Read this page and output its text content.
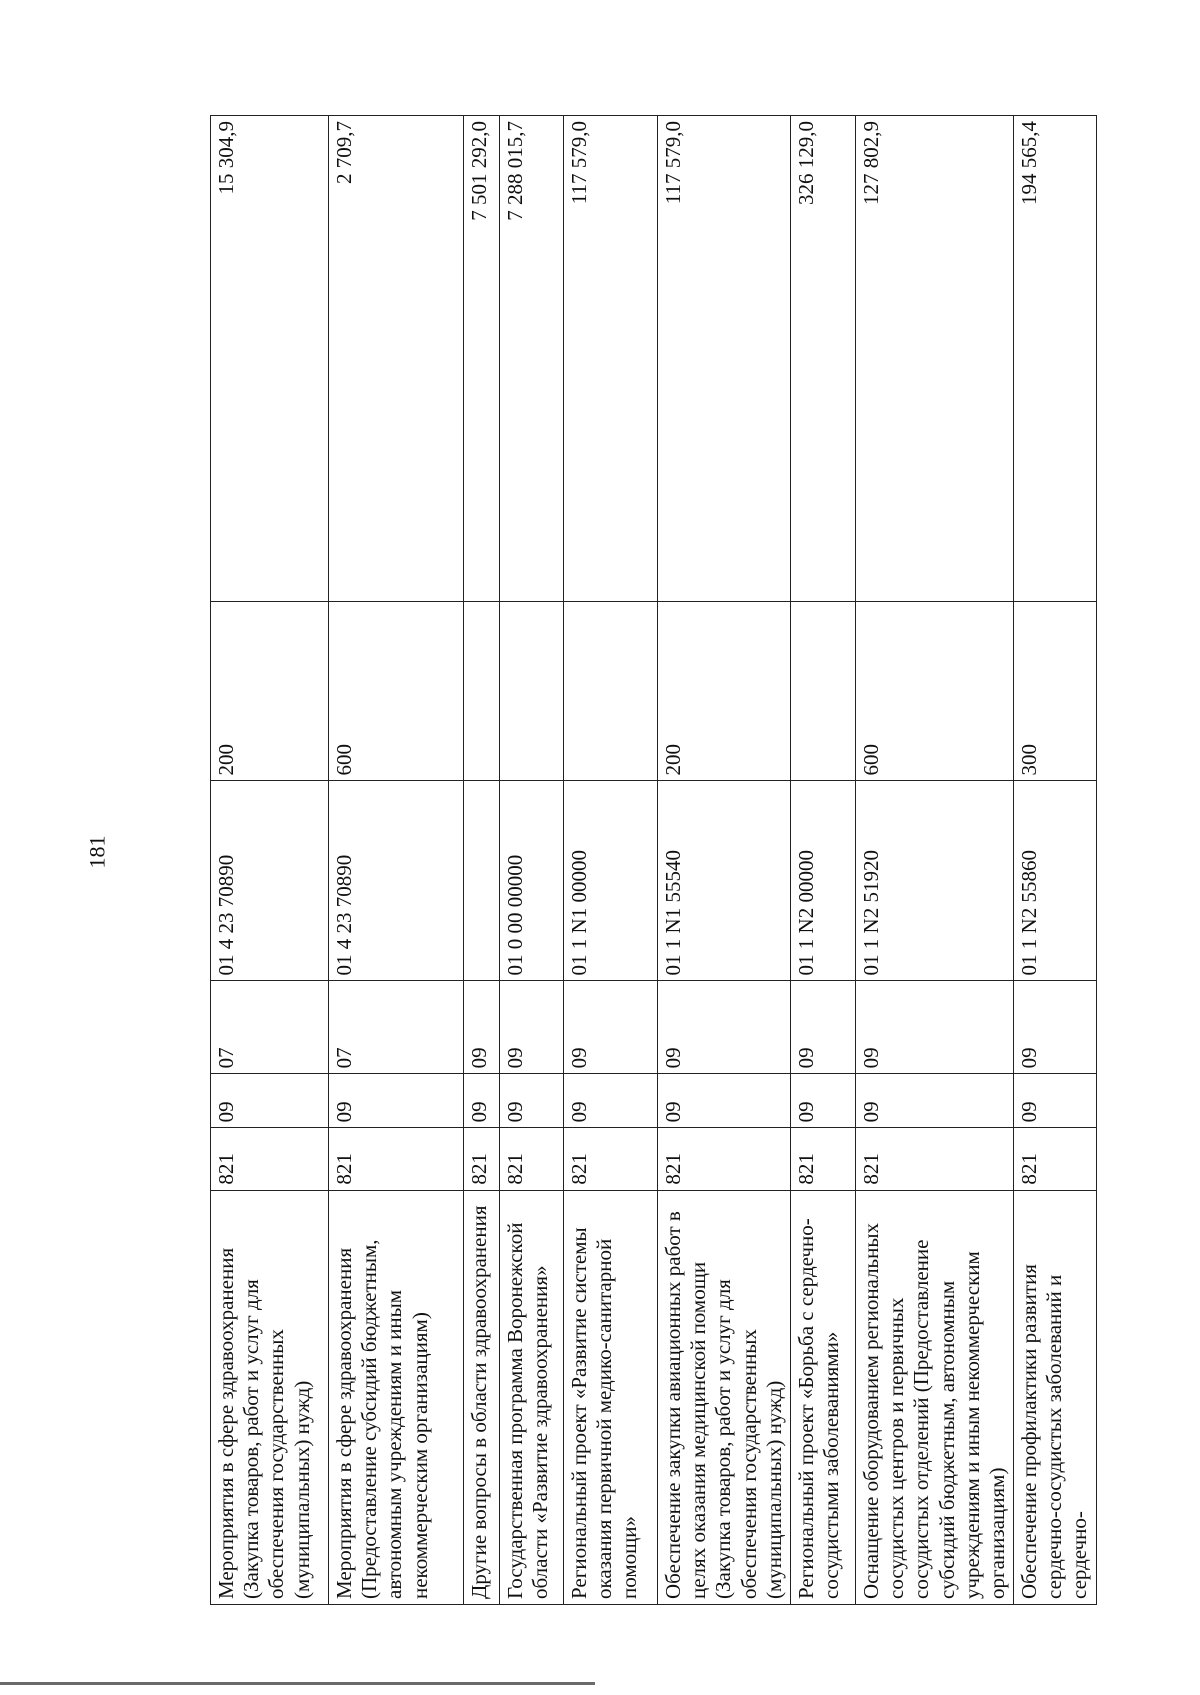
181
Мероприятия в сфере здравоохранения (Закупка товаров, работ и услуг для обеспечения государственных (муниципальных) нужд)	821	09	07	01 4 23 70890	200	15 304,9
Мероприятия в сфере здравоохранения (Предоставление субсидий бюджетным, автономным учреждениям и иным некоммерческим организациям)	821	09	07	01 4 23 70890	600	2 709,7
Другие вопросы в области здравоохранения	821	09	09			7 501 292,0
Государственная программа Воронежской области «Развитие здравоохранения»	821	09	09	01 0 00 00000		7 288 015,7
Региональный проект «Развитие системы оказания первичной медико-санитарной помощи»	821	09	09	01 1 N1 00000		117 579,0
Обеспечение закупки авиационных работ в целях оказания медицинской помощи (Закупка товаров, работ и услуг для обеспечения государственных (муниципальных) нужд)	821	09	09	01 1 N1 55540	200	117 579,0
Региональный проект «Борьба с сердечно-сосудистыми заболеваниями»	821	09	09	01 1 N2 00000		326 129,0
Оснащение оборудованием региональных сосудистых центров и первичных сосудистых отделений (Предоставление субсидий бюджетным, автономным учреждениям и иным некоммерческим организациям)	821	09	09	01 1 N2 51920	600	127 802,9
Обеспечение профилактики развития сердечно-сосудистых заболеваний и сердечно-	821	09	09	01 1 N2 55860	300	194 565,4
